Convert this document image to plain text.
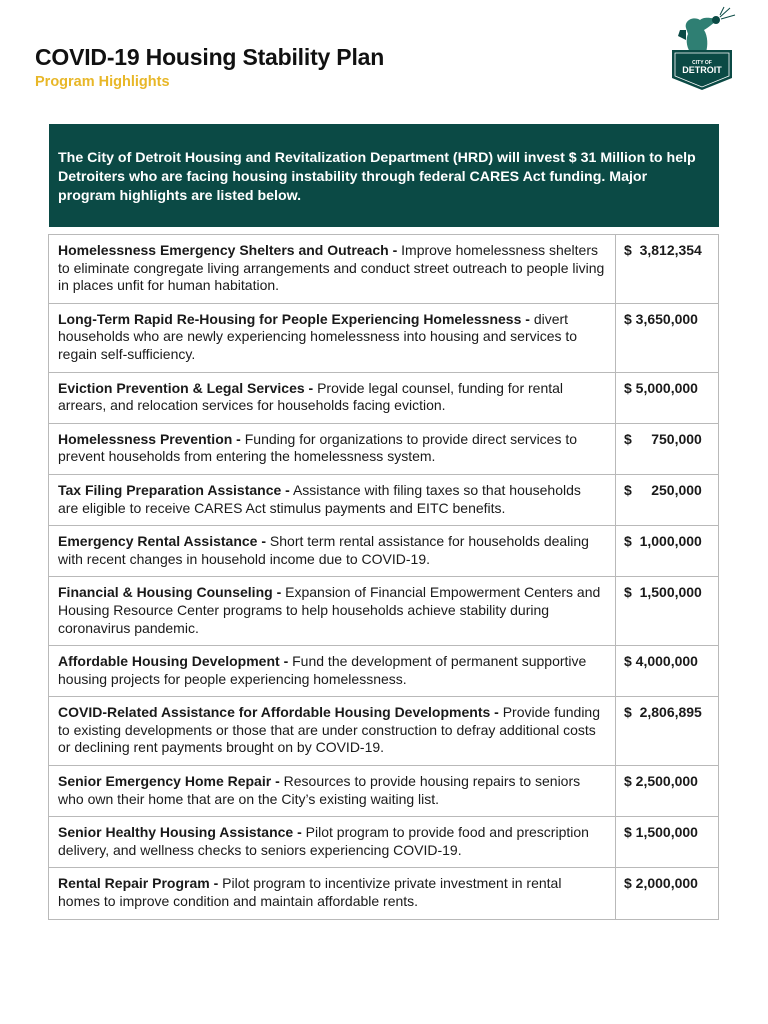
COVID-19 Housing Stability Plan
Program Highlights
CITY OF
DETROIT

The City of Detroit Housing and Revitalization Department (HRD) will invest $ 31 Million to help Detroiters who are facing housing instability through federal CARES Act funding. Major program highlights are listed below.

Homelessness Emergency Shelters and Outreach - Improve homelessness shelters to eliminate congregate living arrangements and conduct street outreach to people living in places unfit for human habitation.	$  3,812,354
Long-Term Rapid Re-Housing for People Experiencing Homelessness - divert households who are newly experiencing homelessness into housing and services to regain self-sufficiency.	$ 3,650,000
Eviction Prevention & Legal Services - Provide legal counsel, funding for rental arrears, and relocation services for households facing eviction.	$ 5,000,000
Homelessness Prevention - Funding for organizations to provide direct services to prevent households from entering the homelessness system.	$     750,000
Tax Filing Preparation Assistance - Assistance with filing taxes so that households are eligible to receive CARES Act stimulus payments and EITC benefits.	$     250,000
Emergency Rental Assistance - Short term rental assistance for households dealing with recent changes in household income due to COVID-19.	$  1,000,000
Financial & Housing Counseling - Expansion of Financial Empowerment Centers and Housing Resource Center programs to help households achieve stability during coronavirus pandemic.	$  1,500,000
Affordable Housing Development - Fund the development of permanent supportive housing projects for people experiencing homelessness.	$ 4,000,000
COVID-Related Assistance for Affordable Housing Developments - Provide funding to existing developments or those that are under construction to defray additional costs or declining rent payments brought on by COVID-19.	$  2,806,895
Senior Emergency Home Repair - Resources to provide housing repairs to seniors who own their home that are on the City’s existing waiting list.	$ 2,500,000
Senior Healthy Housing Assistance - Pilot program to provide food and prescription delivery, and wellness checks to seniors experiencing COVID-19.	$ 1,500,000
Rental Repair Program - Pilot program to incentivize private investment in rental homes to improve condition and maintain affordable rents.	$ 2,000,000
